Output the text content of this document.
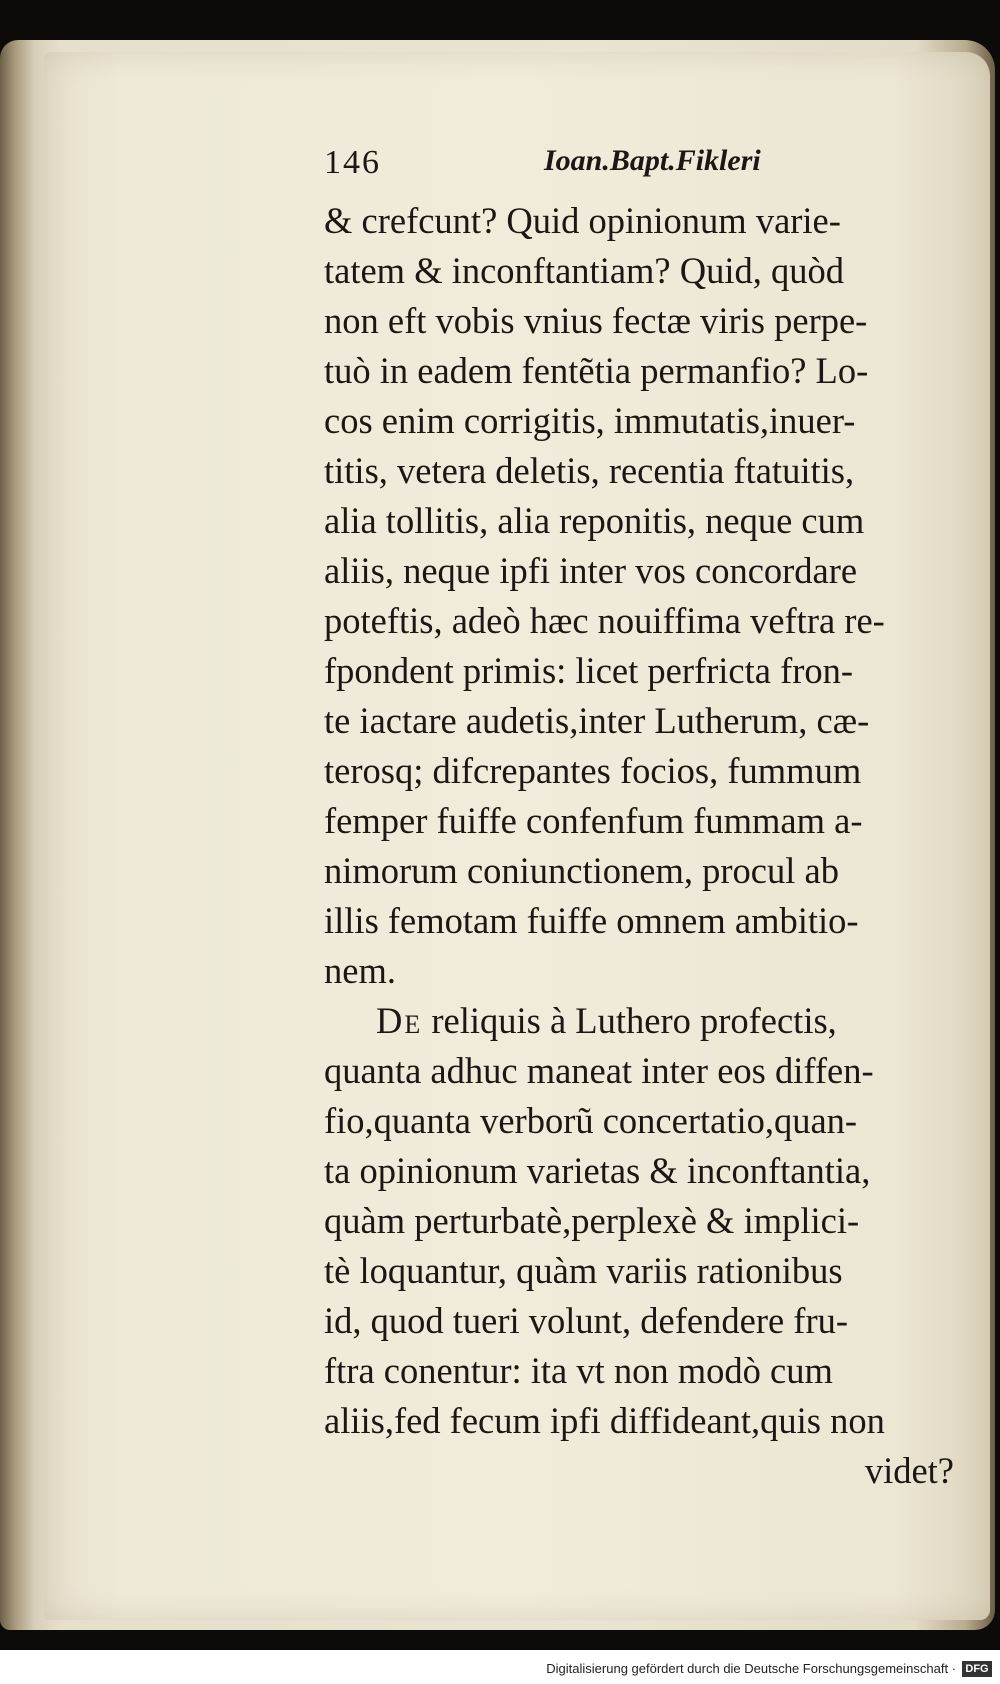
146	Ioan.Bapt.Fikleri
& crefcunt? Quid opinionum varie-
tatem & inconftantiam? Quid, quòd
non eft vobis vnius fectæ viris perpe-
tuò in eadem fentẽtia permanfio? Lo-
cos enim corrigitis, immutatis,inuer-
titis, vetera deletis, recentia ftatuitis,
alia tollitis, alia reponitis, neque cum
aliis, neque ipfi inter vos concordare
poteftis, adeò hæc nouiffima veftra re-
fpondent primis: licet perfricta fron-
te iactare audetis,inter Lutherum, cæ-
terosq; difcrepantes focios, fummum
femper fuiffe confenfum fummam a-
nimorum coniunctionem, procul ab
illis femotam fuiffe omnem ambitio-
nem.
De reliquis à Luthero profectis,
quanta adhuc maneat inter eos diffen-
fio,quanta verborũ concertatio,quan-
ta opinionum varietas & inconftantia,
quàm perturbatè,perplexè & implici-
tè loquantur, quàm variis rationibus
id, quod tueri volunt, defendere fru-
ftra conentur: ita vt non modò cum
aliis,fed fecum ipfi diffideant,quis non
videt?
Digitalisierung gefördert durch die Deutsche Forschungsgemeinschaft · DFG
